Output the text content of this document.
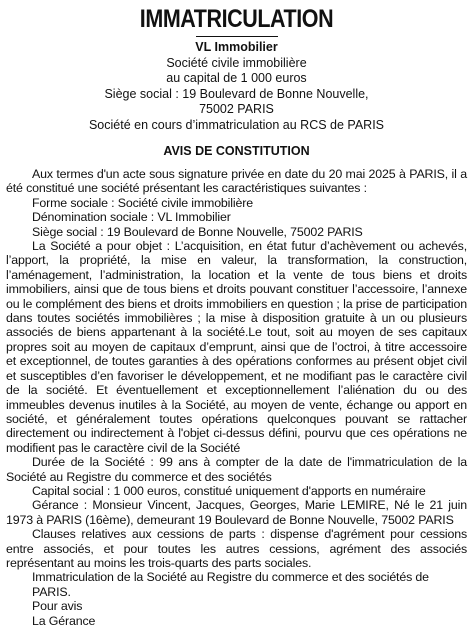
IMMATRICULATION
VL Immobilier
Société civile immobilière
au capital de 1 000 euros
Siège social : 19 Boulevard de Bonne Nouvelle,
75002 PARIS
Société en cours d’immatriculation au RCS de PARIS
AVIS DE CONSTITUTION

Aux termes d'un acte sous signature privée en date du 20 mai 2025 à PARIS, il a été constitué une société présentant les caractéristiques suivantes :

Forme sociale : Société civile immobilière

Dénomination sociale : VL Immobilier

Siège social : 19 Boulevard de Bonne Nouvelle, 75002 PARIS

La Société a pour objet : L’acquisition, en état futur d’achèvement ou achevés, l’apport, la propriété, la mise en valeur, la transformation, la construction, l’aménagement, l’administration, la location et la vente de tous biens et droits immobiliers, ainsi que de tous biens et droits pouvant constituer l’accessoire, l’annexe ou le complément des biens et droits immobiliers en question ; la prise de participation dans toutes sociétés immobilières ; la mise à disposition gratuite à un ou plusieurs associés de biens appartenant à la société.Le tout, soit au moyen de ses capitaux propres soit au moyen de capitaux d’emprunt, ainsi que de l’octroi, à titre accessoire et exceptionnel, de toutes garanties à des opérations conformes au présent objet civil et susceptibles d’en favoriser le développement, et ne modifiant pas le caractère civil de la société. Et éventuellement et exceptionnellement l’aliénation du ou des immeubles devenus inutiles à la Société, au moyen de vente, échange ou apport en société, et généralement toutes opérations quelconques pouvant se rattacher directement ou indirectement à l'objet ci-dessus défini, pourvu que ces opérations ne modifient pas le caractère civil de la Société

Durée de la Société : 99 ans à compter de la date de l'immatriculation de la Société au Registre du commerce et des sociétés

Capital social : 1 000 euros, constitué uniquement d'apports en numéraire

Gérance : Monsieur Vincent, Jacques, Georges, Marie LEMIRE, Né le 21 juin 1973 à PARIS (16ème), demeurant 19 Boulevard de Bonne Nouvelle, 75002 PARIS

Clauses relatives aux cessions de parts : dispense d'agrément pour cessions entre associés, et pour toutes les autres cessions, agrément des associés représentant au moins les trois-quarts des parts sociales.

Immatriculation de la Société au Registre du commerce et des sociétés de PARIS.

Pour avis

La Gérance
